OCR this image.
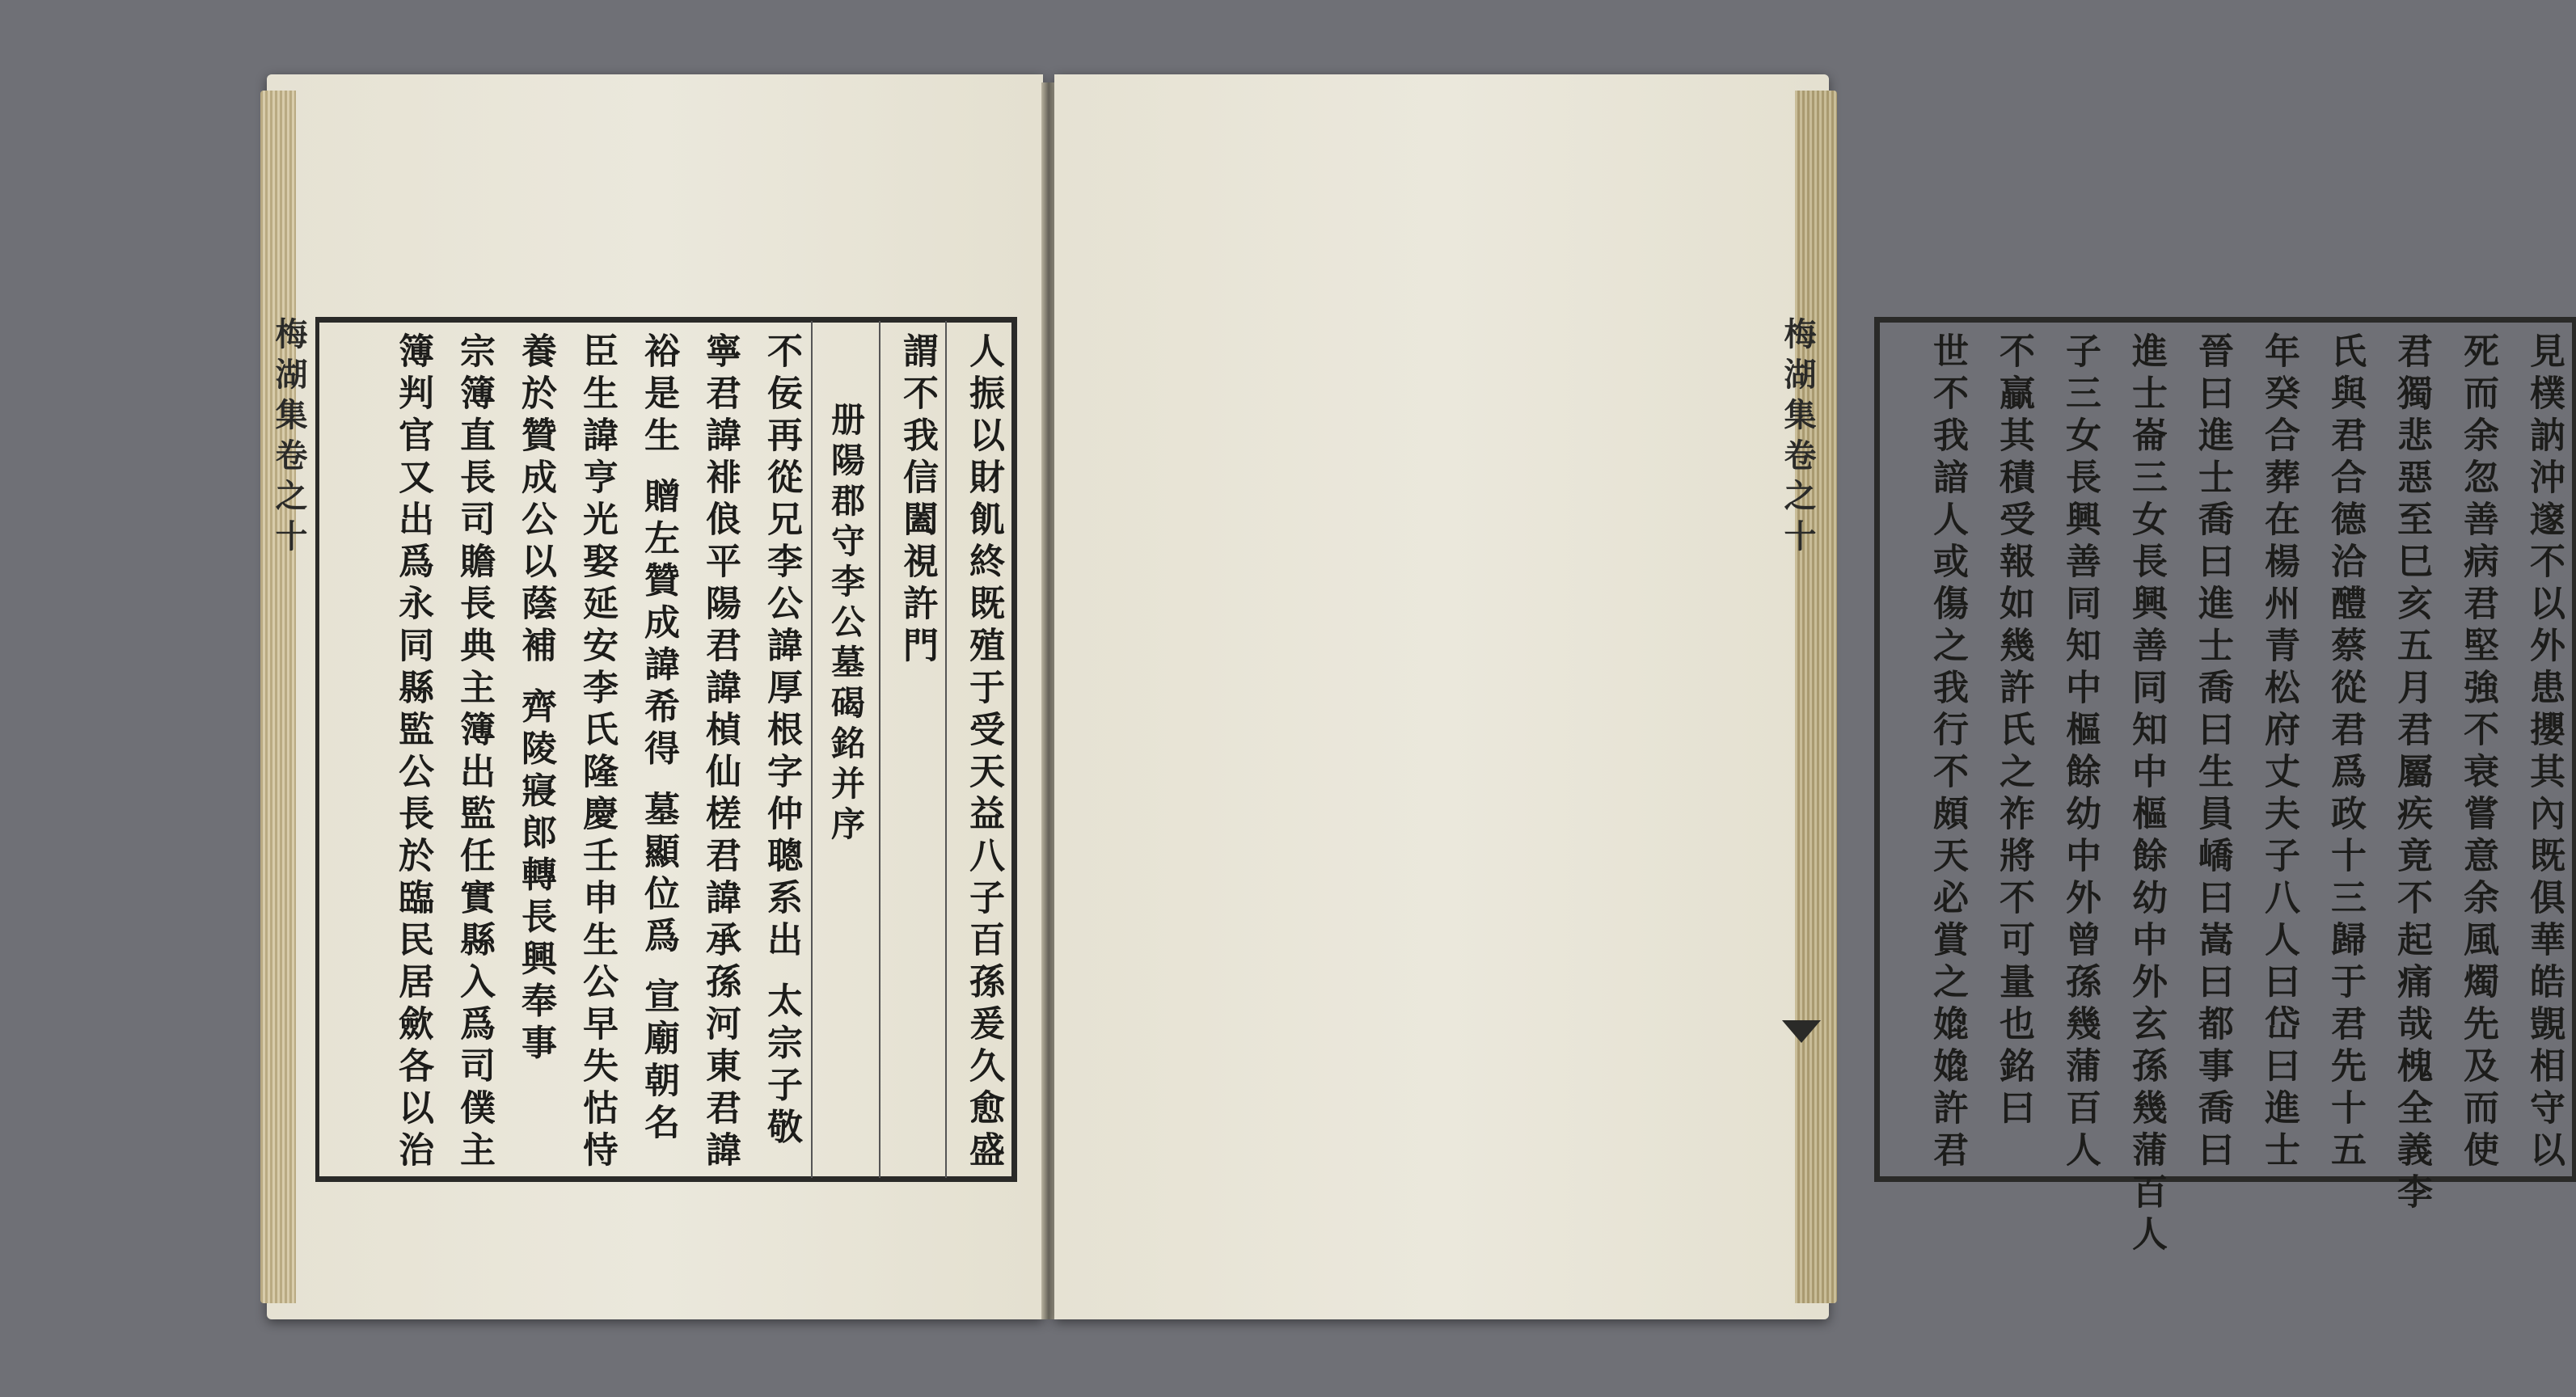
梅湖集卷之十	人振以財飢終既殖于受天益八子百孫爰久愈盛
謂不我信闔視許門
册陽郡守李公墓碣銘并序
不佞再從兄李公諱厚根字仲聰系出 太宗子敬
寧君諱裶俍平陽君諱楨仙槎君諱承孫河東君諱
裕是生 贈左贊成諱希得 墓顯位爲 宣廟朝名
臣生諱亨光娶延安李氏隆慶壬申生公早失怙恃
養於贊成公以蔭補 齊陵寢郎轉長興奉事
宗簿直長司贍長典主簿出監任實縣入爲司僕主
簿判官又出爲永同縣監公長於臨民居歛各以治	梅湖集卷之十	見樸訥沖邃不以外患攖其內既俱華皓覬相守以
死而余忽善病君堅強不衰嘗意余風燭先及而使
君獨悲惡至巳亥五月君屬疾竟不起痛哉槐全義李
氏與君合德洽醴蔡從君爲政十三歸于君先十五
年癸合葬在楊州青松府丈夫子八人曰岱曰進士
晉曰進士喬曰進士喬曰生員嶠曰嵩曰都事喬曰
進士崙三女長興善同知中樞餘幼中外玄孫幾蒲百人
子三女長興善同知中樞餘幼中外曾孫幾蒲百人
不贏其積受報如幾許氏之祚將不可量也銘曰
世不我諳人或傷之我行不頗天必賞之嫓嫓許君
